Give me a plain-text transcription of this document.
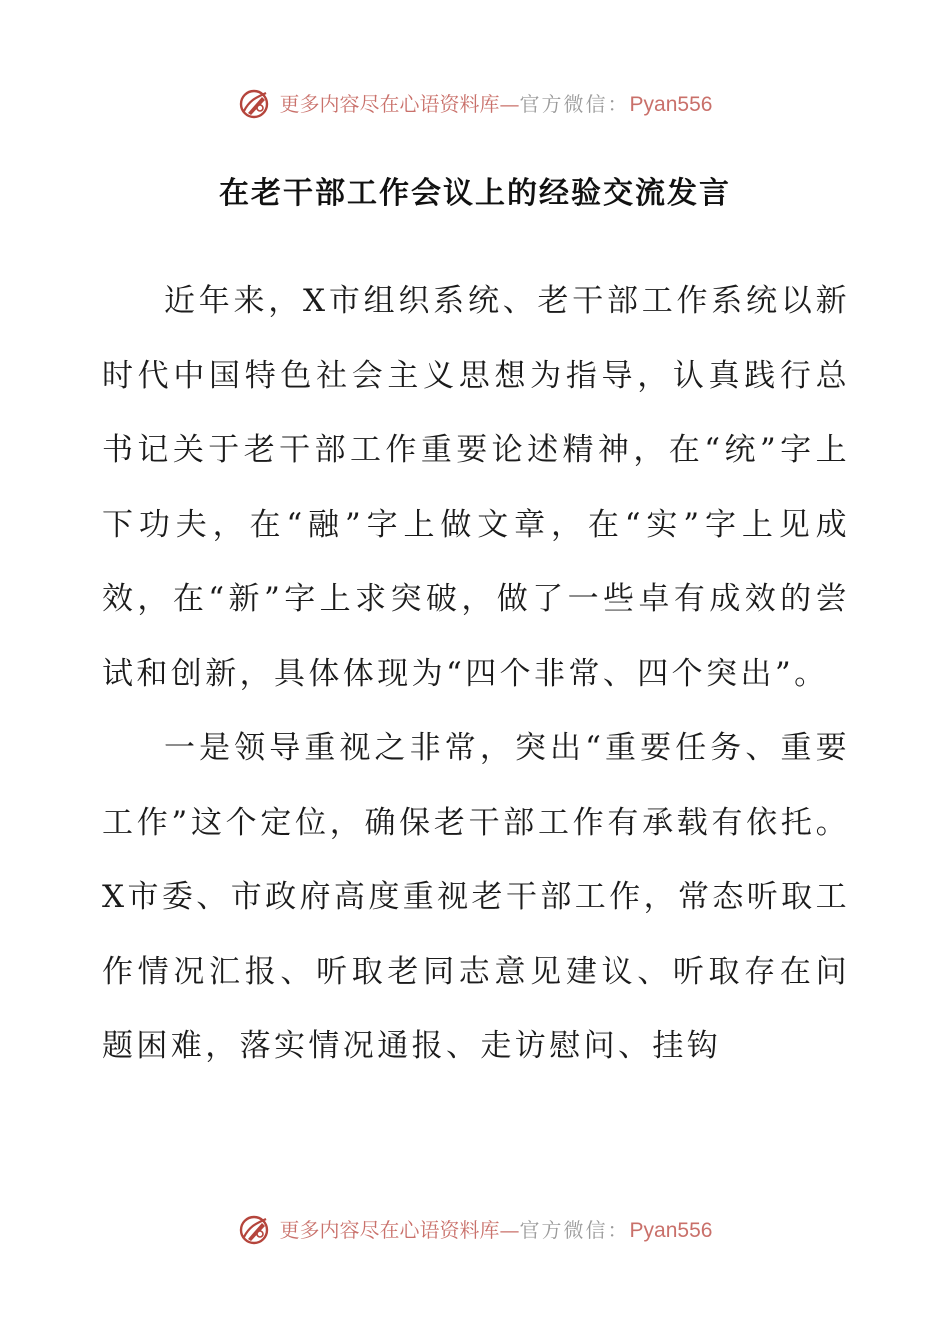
更多内容尽在心语资料库— 官方微信： Pyan556
在老干部工作会议上的经验交流发言

近年来，X市组织系统、老干部工作系统以新时代中国特色社会主义思想为指导，认真践行总书记关于老干部工作重要论述精神，在“统”字上下功夫，在“融”字上做文章，在“实”字上见成效，在“新”字上求突破，做了一些卓有成效的尝试和创新，具体体现为“四个非常、四个突出”。

一是领导重视之非常，突出“重要任务、重要工作”这个定位，确保老干部工作有承载有依托。X市委、市政府高度重视老干部工作，常态听取工作情况汇报、听取老同志意见建议、听取存在问题困难，落实情况通报、走访慰问、挂钩

更多内容尽在心语资料库— 官方微信： Pyan556
